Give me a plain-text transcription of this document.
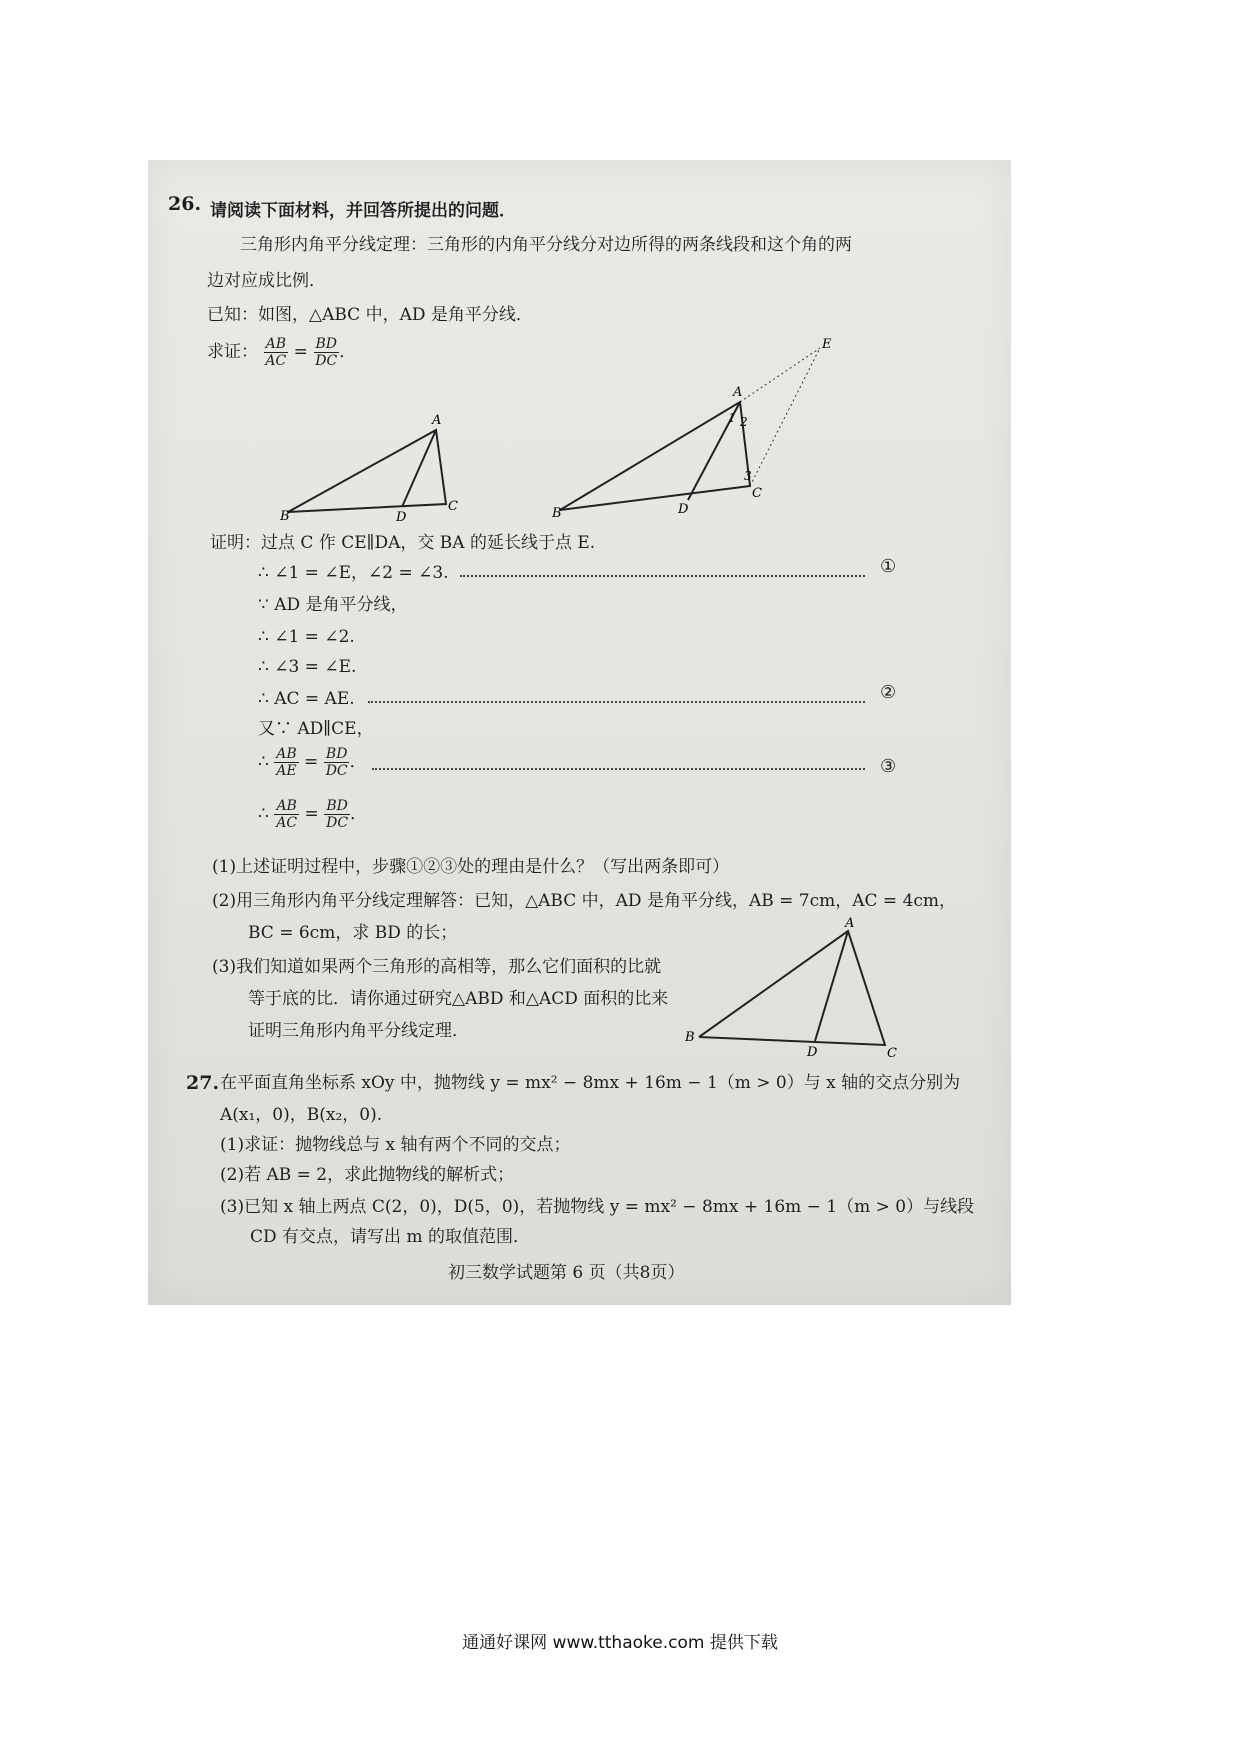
26. 请阅读下面材料，并回答所提出的问题．
三角形内角平分线定理：三角形的内角平分线分对边所得的两条线段和这个角的两
边对应成比例．
已知：如图，△ABC 中，AD 是角平分线．
求证： $\frac{AB}{AC} = \frac{BD}{DC}$ ．
A
B
C
D
E
A
B
C
D
1 2
3
证明：过点 C 作 CE∥DA，交 BA 的延长线于点 E.
∴ ∠1 = ∠E，∠2 = ∠3.	①
∵ AD 是角平分线，
∴ ∠1 = ∠2.
∴ ∠3 = ∠E.
∴ AC = AE.	②
又∵ AD∥CE，
∴ $\frac{AB}{AE} = \frac{BD}{DC}$ ．	③
∴ $\frac{AB}{AC} = \frac{BD}{DC}$ ．
(1)上述证明过程中，步骤①②③处的理由是什么？（写出两条即可）
(2)用三角形内角平分线定理解答：已知，△ABC 中，AD 是角平分线，AB = 7cm，AC = 4cm，
BC = 6cm，求 BD 的长；
(3)我们知道如果两个三角形的高相等，那么它们面积的比就
等于底的比．请你通过研究△ABD 和△ACD 面积的比来
证明三角形内角平分线定理．
A
B
C
D
27. 在平面直角坐标系 xOy 中，抛物线 y = mx² − 8mx + 16m − 1（m > 0）与 x 轴的交点分别为
A(x₁，0)，B(x₂，0).
(1)求证：抛物线总与 x 轴有两个不同的交点；
(2)若 AB = 2，求此抛物线的解析式；
(3)已知 x 轴上两点 C(2，0)，D(5，0)，若抛物线 y = mx² − 8mx + 16m − 1（m > 0）与线段
CD 有交点，请写出 m 的取值范围．
初三数学试题第 6 页（共8页）
通通好课网 www.tthaoke.com 提供下载
